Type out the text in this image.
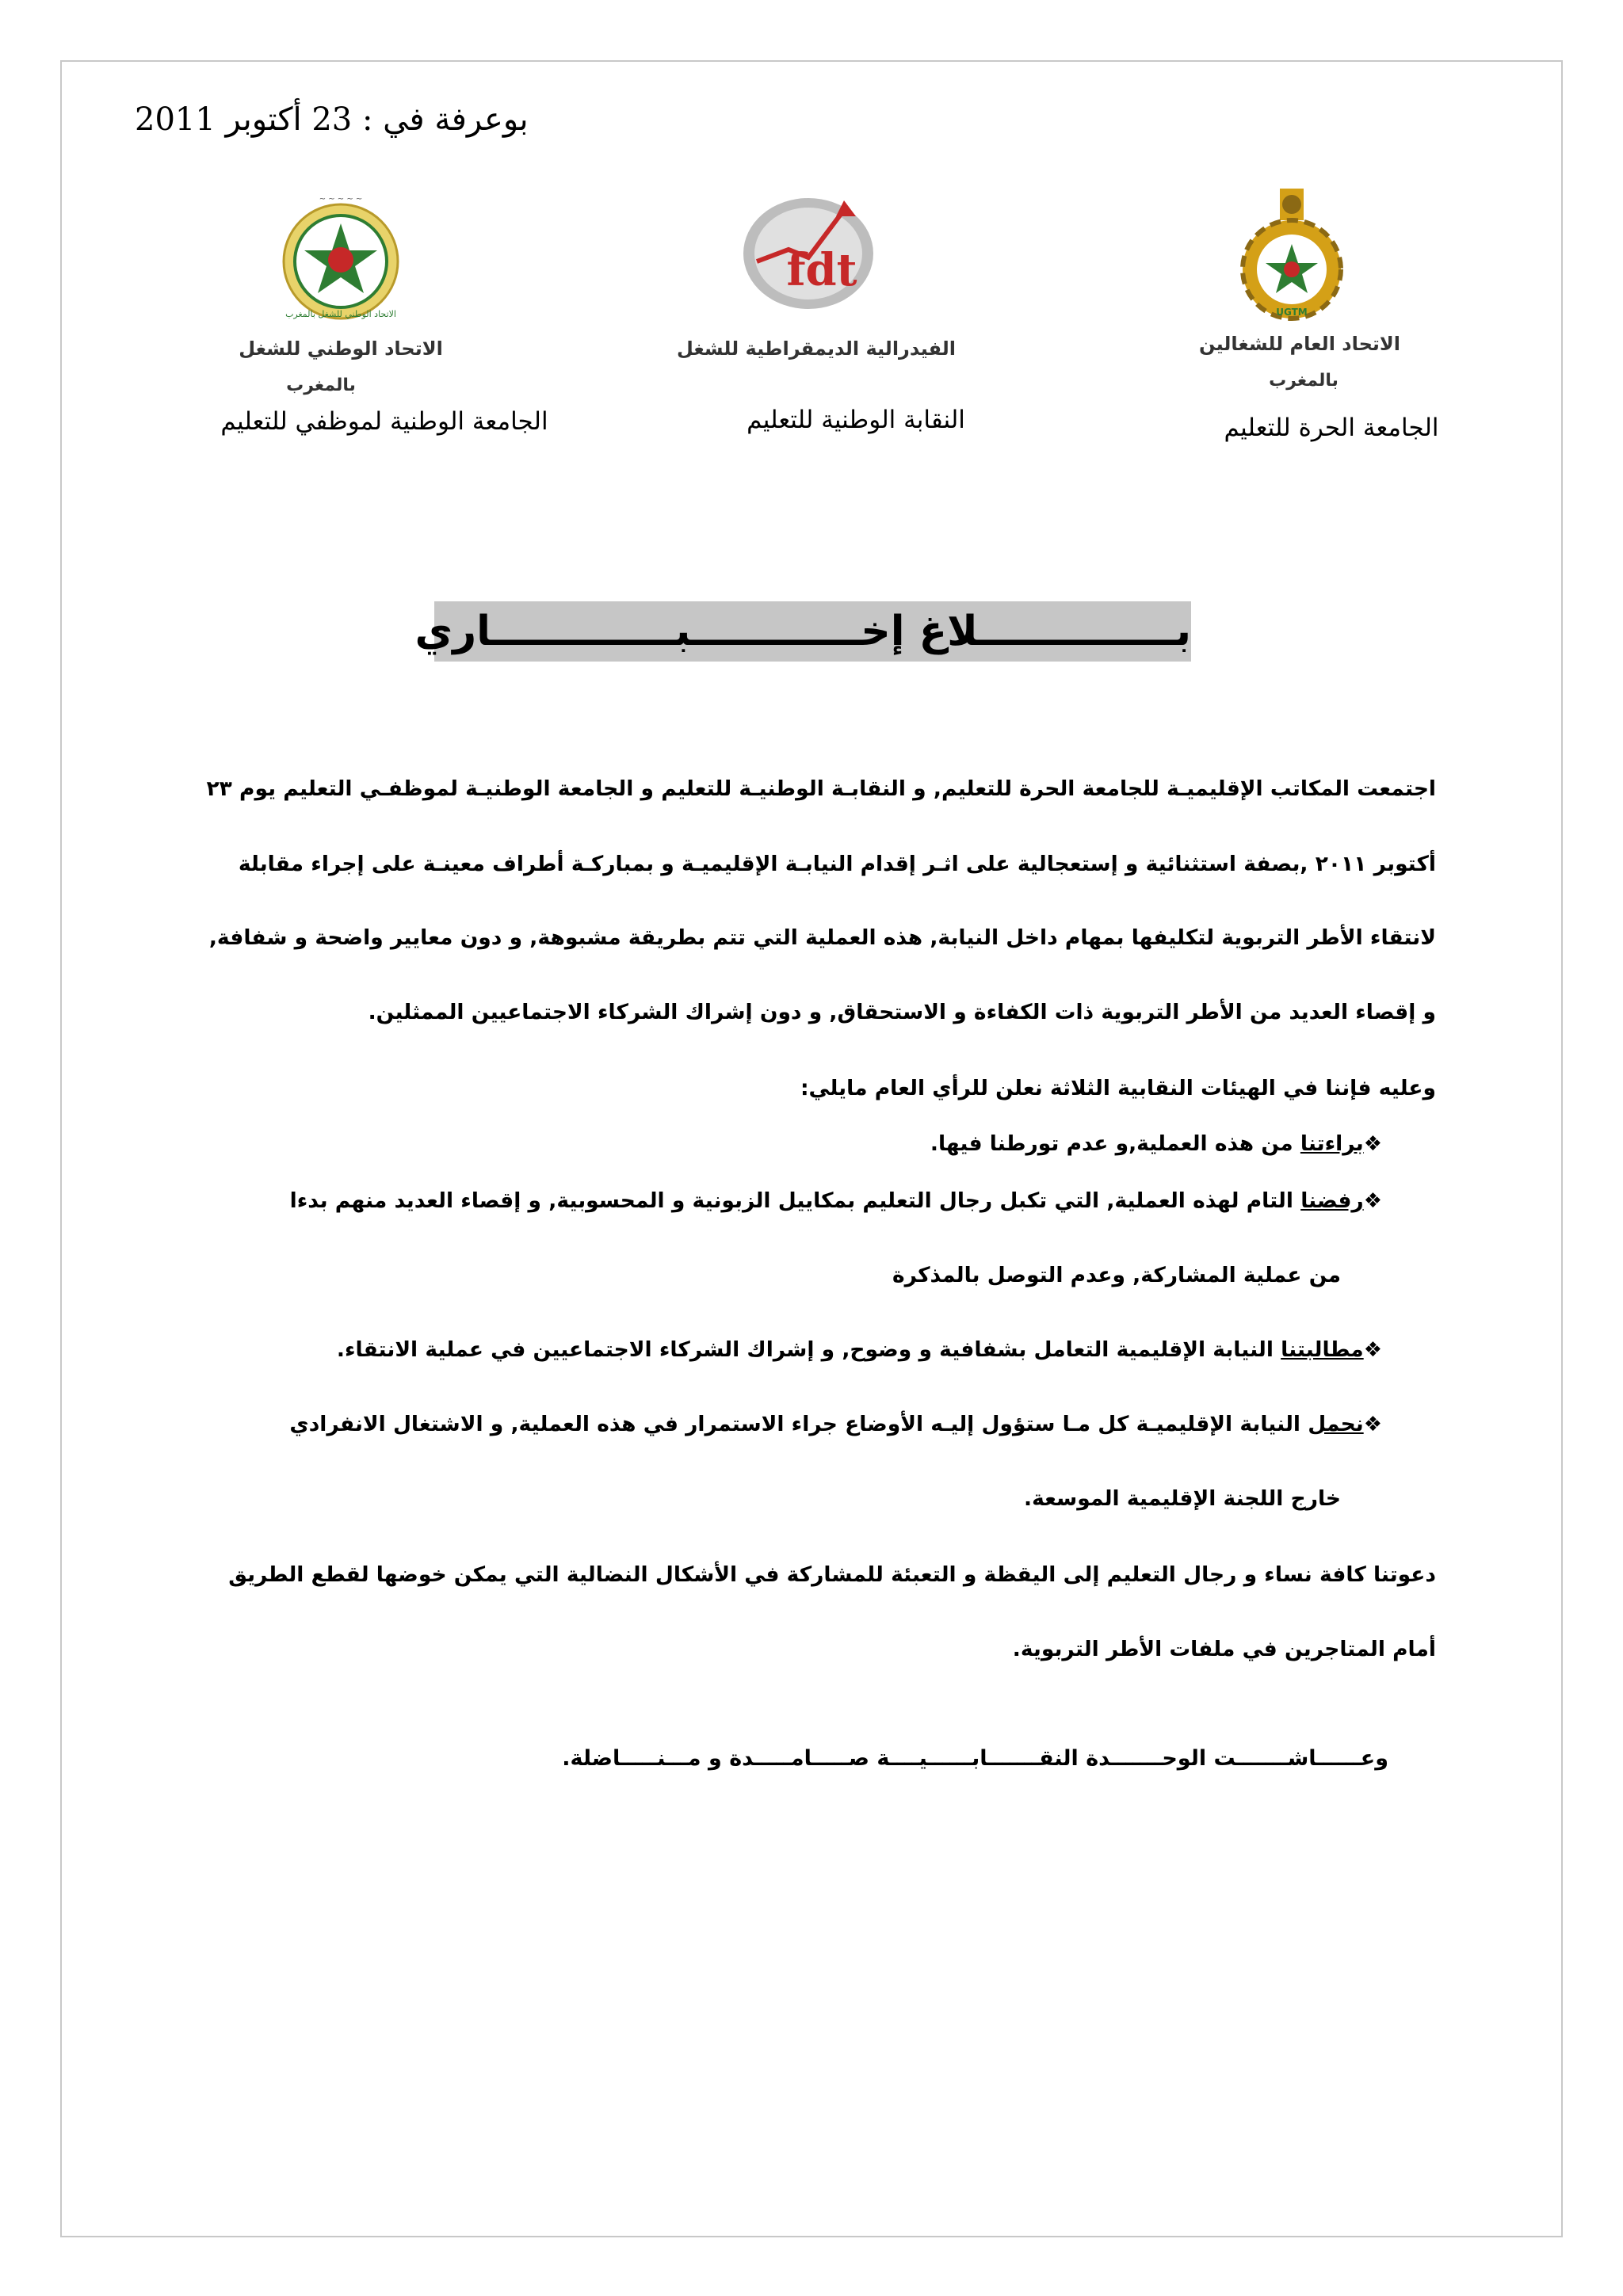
بوعرفة في : 23 أكتوبر 2011
~ ~ ~ ~ ~
الاتحاد الوطني للشغل بالمغرب
fdt
UGTM
الاتحاد الوطني للشغل
بالمغرب
الجامعة الوطنية لموظفي للتعليم
الفيدرالية الديمقراطية للشغل
النقابة الوطنية للتعليم
الاتحاد العام للشغالين
بالمغرب
الجامعة الحرة للتعليم
بــــــــــــــلاغ إخــــــــــــبـــــــــــــاري
اجتمعت المكاتب الإقليميـة للجامعة الحرة للتعليم, و النقابـة الوطنيـة للتعليم و الجامعة الوطنيـة لموظفـي التعليم يوم ٢٣
أكتوبر ٢٠١١ ,بصفة استثنائية و إستعجالية على اثـر إقدام النيابـة الإقليميـة و بمباركـة أطراف معينـة على إجراء مقابلة
لانتقاء الأطر التربوية لتكليفها بمهام داخل النيابة, هذه العملية التي تتم بطريقة مشبوهة, و دون معايير واضحة و شفافة,
و إقصاء العديد من الأطر التربوية ذات الكفاءة و الاستحقاق, و دون إشراك الشركاء الاجتماعيين الممثلين.
وعليه فإننا في الهيئات النقابية الثلاثة نعلن للرأي العام مايلي:
❖براءتنا من هذه العملية,و عدم تورطنا فيها.
❖رفضنا التام لهذه العملية, التي تكبل رجال التعليم بمكاييل الزبونية و المحسوبية, و إقصاء العديد منهم بدءا
من عملية المشاركة, وعدم التوصل بالمذكرة
❖مطالبتنا النيابة الإقليمية التعامل بشفافية و وضوح, و إشراك الشركاء الاجتماعيين في عملية الانتقاء.
❖نحمل النيابة الإقليميـة كل مـا ستؤول إليـه الأوضاع جراء الاستمرار في هذه العملية, و الاشتغال الانفرادي
خارج اللجنة الإقليمية الموسعة.
دعوتنا كافة نساء و رجال التعليم إلى اليقظة و التعبئة للمشاركة في الأشكال النضالية التي يمكن خوضها لقطع الطريق
أمام المتاجرين في ملفات الأطر التربوية.
وعــــــاشـــــــت الوحـــــــدة النقـــــــابــــــيــــة صـــــامـــــدة و مـــنـــــاضلة.
